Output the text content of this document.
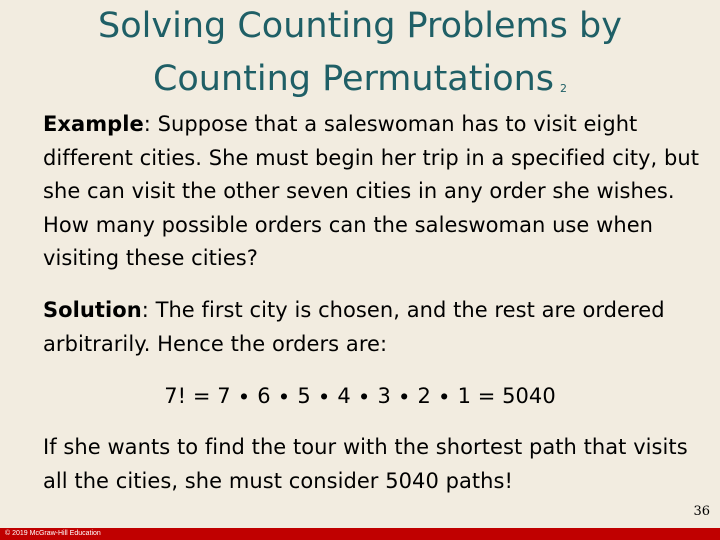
Solving Counting Problems by
Counting Permutations 2

Example: Suppose that a saleswoman has to visit eight different cities. She must begin her trip in a specified city, but she can visit the other seven cities in any order she wishes. How many possible orders can the saleswoman use when visiting these cities?

Solution: The first city is chosen, and the rest are ordered arbitrarily. Hence the orders are:

7! = 7 ∙ 6 ∙ 5 ∙ 4 ∙ 3 ∙ 2 ∙ 1 = 5040

If she wants to find the tour with the shortest path that visits all the cities, she must consider 5040 paths!

36
© 2019 McGraw-Hill Education
